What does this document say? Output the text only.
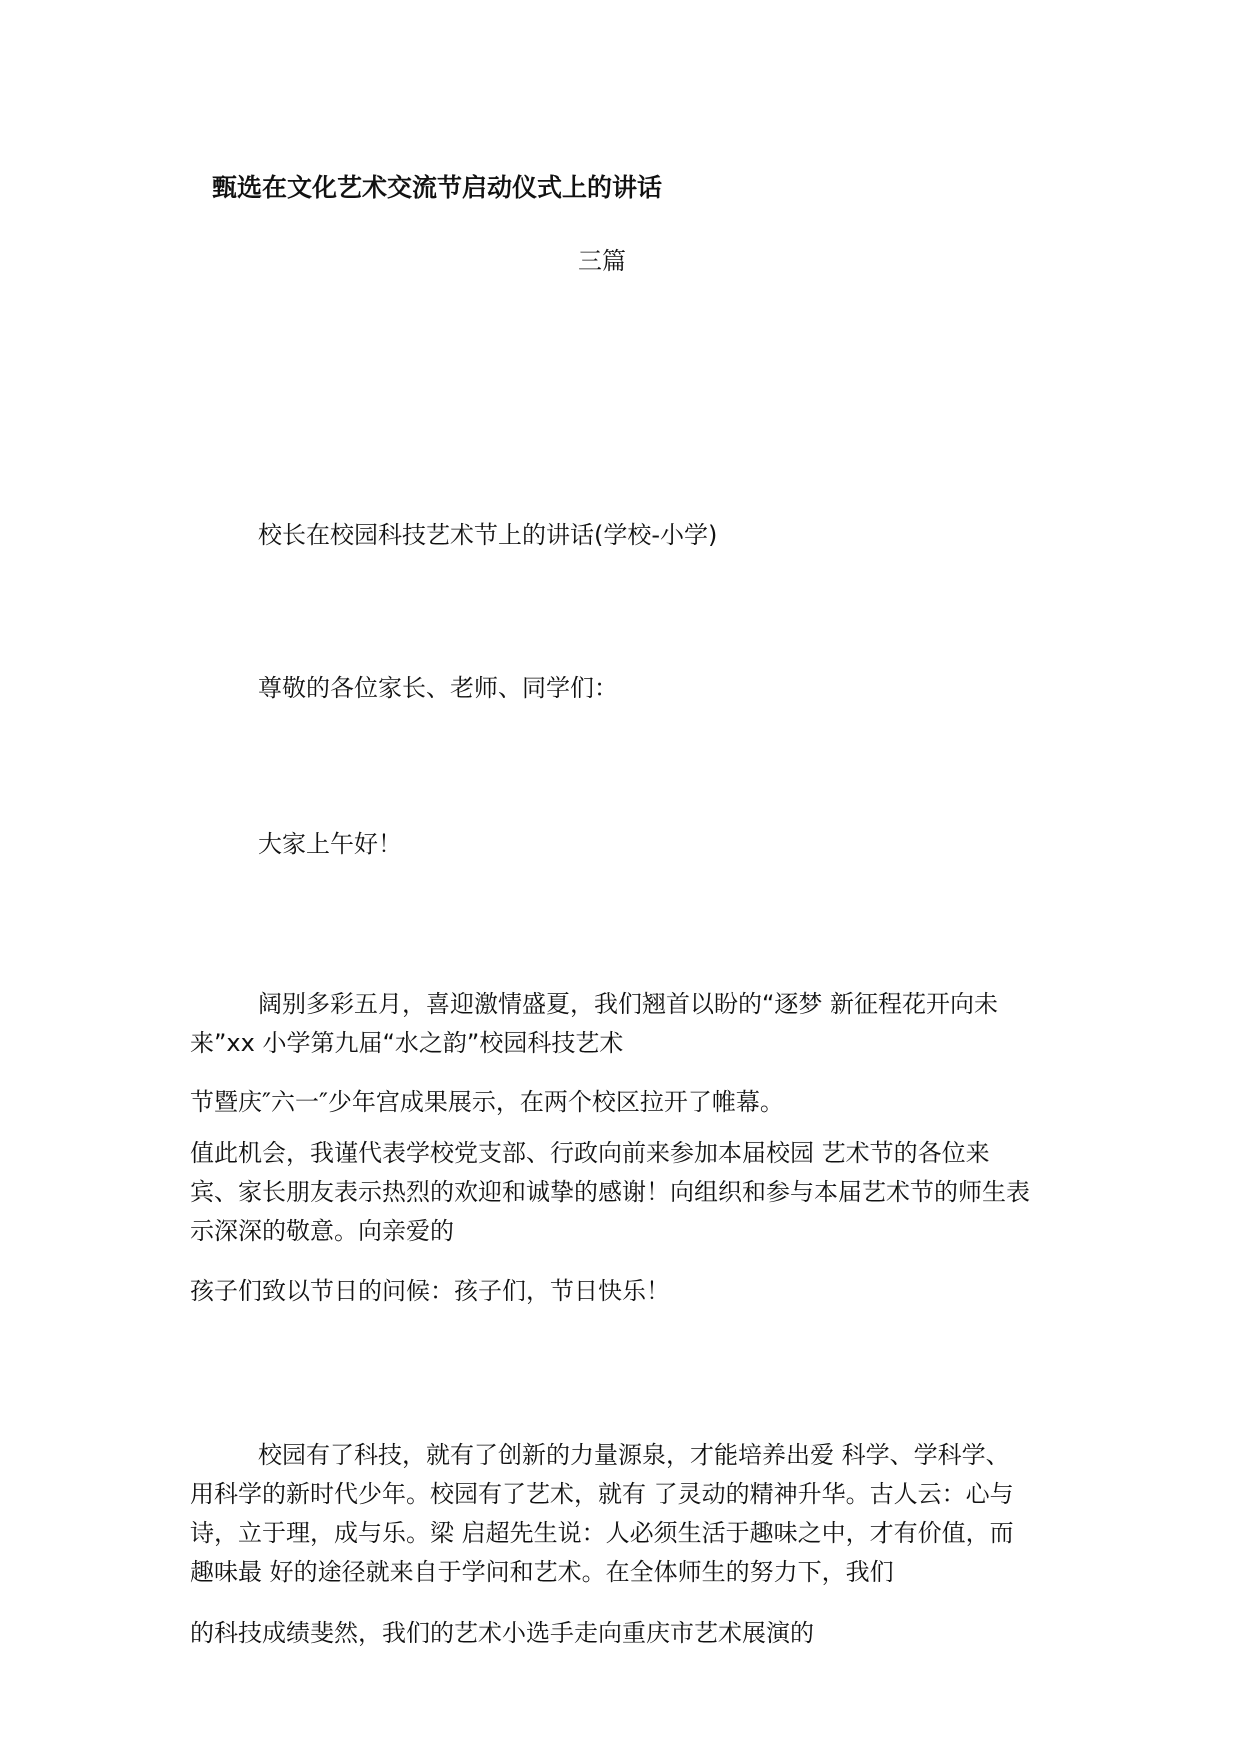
甄选在文化艺术交流节启动仪式上的讲话
三篇
校长在校园科技艺术节上的讲话(学校-小学)
尊敬的各位家长、老师、同学们：
大家上午好！
阔别多彩五月，喜迎激情盛夏，我们翘首以盼的“逐梦 新征程花开向未
来”xx 小学第九届“水之韵”校园科技艺术
节暨庆″六一″少年宫成果展示，在两个校区拉开了帷幕。
值此机会，我谨代表学校党支部、行政向前来参加本届校园 艺术节的各位来
宾、家长朋友表示热烈的欢迎和诚挚的感谢！向组织和参与本届艺术节的师生表
示深深的敬意。向亲爱的
孩子们致以节日的问候：孩子们，节日快乐！
校园有了科技，就有了创新的力量源泉，才能培养出爱 科学、学科学、
用科学的新时代少年。校园有了艺术，就有 了灵动的精神升华。古人云：心与
诗，立于理，成与乐。梁 启超先生说：人必须生活于趣味之中，才有价值，而
趣味最 好的途径就来自于学问和艺术。在全体师生的努力下，我们
的科技成绩斐然，我们的艺术小选手走向重庆市艺术展演的
